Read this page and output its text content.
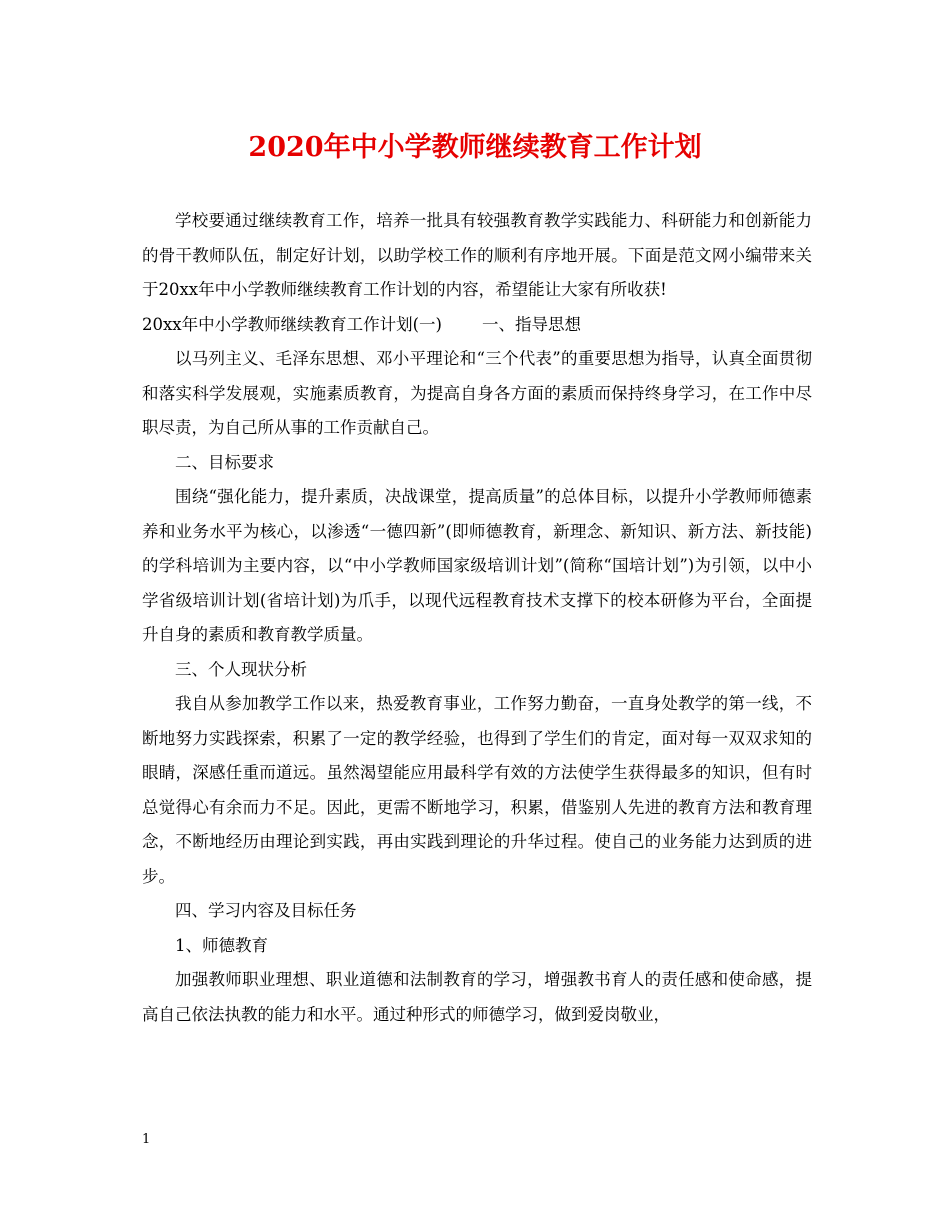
2020年中小学教师继续教育工作计划

学校要通过继续教育工作，培养一批具有较强教育教学实践能力、科研能力和创新能力的骨干教师队伍，制定好计划，以助学校工作的顺利有序地开展。下面是范文网小编带来关于20xx年中小学教师继续教育工作计划的内容，希望能让大家有所收获!

20xx年中小学教师继续教育工作计划(一) 一、指导思想

以马列主义、毛泽东思想、邓小平理论和“三个代表”的重要思想为指导，认真全面贯彻和落实科学发展观，实施素质教育，为提高自身各方面的素质而保持终身学习，在工作中尽职尽责，为自己所从事的工作贡献自己。

二、目标要求

围绕“强化能力，提升素质，决战课堂，提高质量”的总体目标，以提升小学教师师德素养和业务水平为核心，以渗透“一德四新”(即师德教育，新理念、新知识、新方法、新技能)的学科培训为主要内容，以“中小学教师国家级培训计划”(简称“国培计划”)为引领，以中小学省级培训计划(省培计划)为爪手，以现代远程教育技术支撑下的校本研修为平台，全面提升自身的素质和教育教学质量。

三、个人现状分析

我自从参加教学工作以来，热爱教育事业，工作努力勤奋，一直身处教学的第一线，不断地努力实践探索，积累了一定的教学经验，也得到了学生们的肯定，面对每一双双求知的眼睛，深感任重而道远。虽然渴望能应用最科学有效的方法使学生获得最多的知识，但有时总觉得心有余而力不足。因此，更需不断地学习，积累，借鉴别人先进的教育方法和教育理念，不断地经历由理论到实践，再由实践到理论的升华过程。使自己的业务能力达到质的进步。

四、学习内容及目标任务

1、师德教育

加强教师职业理想、职业道德和法制教育的学习，增强教书育人的责任感和使命感，提高自己依法执教的能力和水平。通过种形式的师德学习，做到爱岗敬业，

1
